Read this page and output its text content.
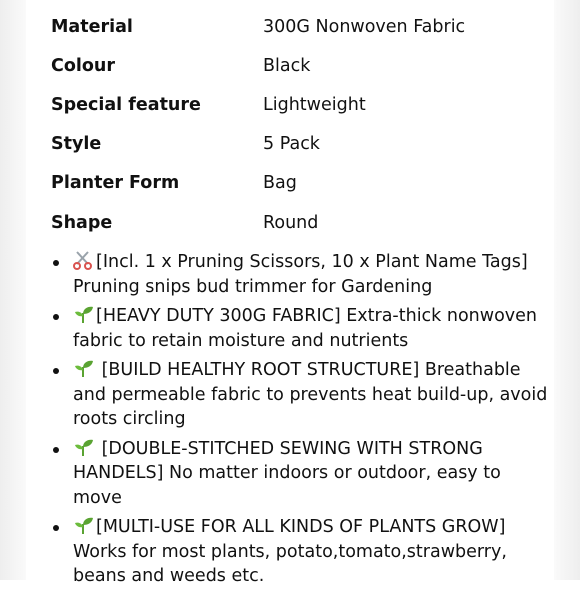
Material	300G Nonwoven Fabric
Colour	Black
Special feature	Lightweight
Style	5 Pack
Planter Form	Bag
Shape	Round
[Incl. 1 x Pruning Scissors, 10 x Plant Name Tags] Pruning snips bud trimmer for Gardening
[HEAVY DUTY 300G FABRIC] Extra-thick nonwoven fabric to retain moisture and nutrients
[BUILD HEALTHY ROOT STRUCTURE] Breathable and permeable fabric to prevents heat build-up, avoid roots circling
[DOUBLE-STITCHED SEWING WITH STRONG HANDELS] No matter indoors or outdoor, easy to move
[MULTI-USE FOR ALL KINDS OF PLANTS GROW] Works for most plants, potato,tomato,strawberry, beans and weeds etc.
